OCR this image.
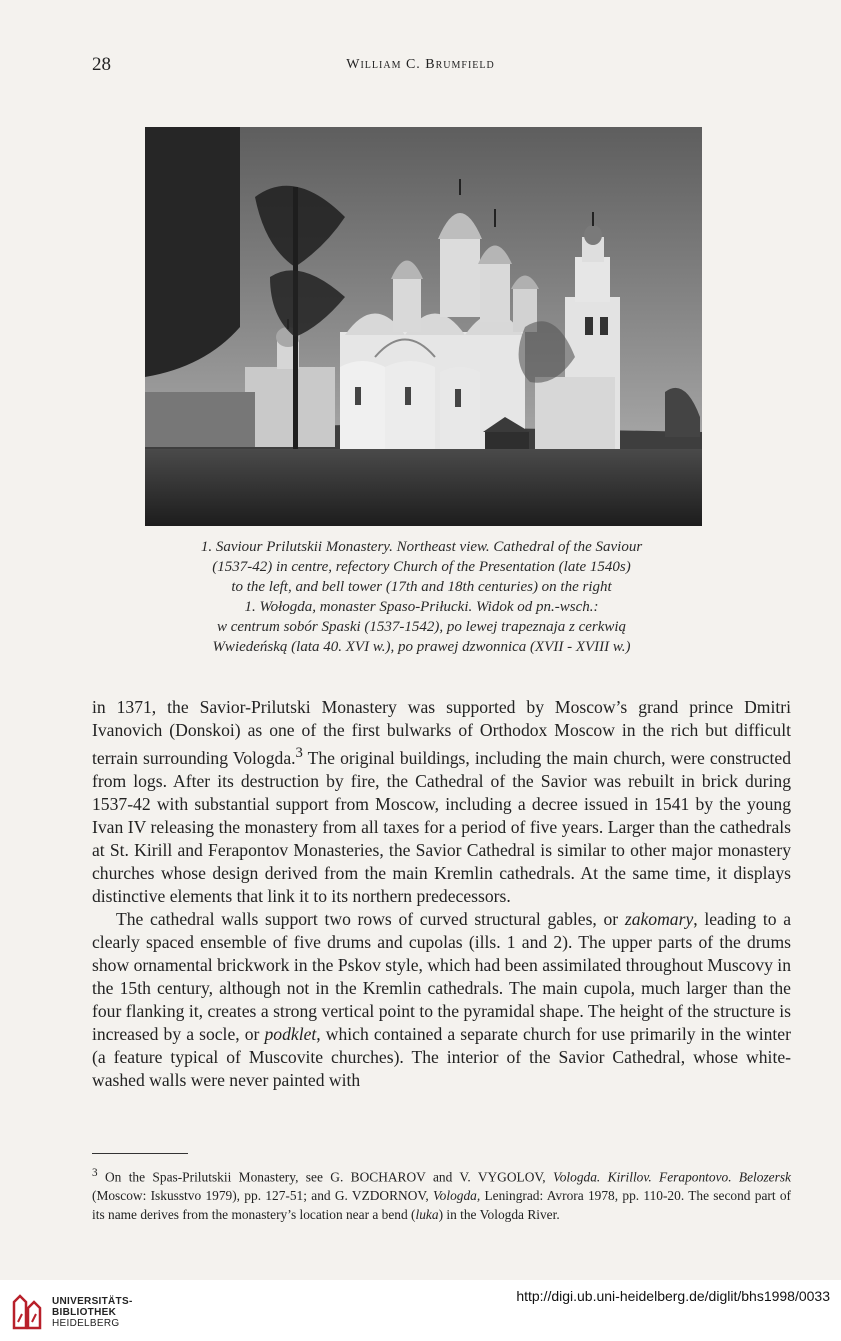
28	William C. Brumfield
1. Saviour Prilutskii Monastery. Northeast view. Cathedral of the Saviour
(1537-42) in centre, refectory Church of the Presentation (late 1540s)
to the left, and bell tower (17th and 18th centuries) on the right
1. Wołogda, monaster Spaso-Priłucki. Widok od pn.-wsch.:
w centrum sobór Spaski (1537-1542), po lewej trapeznaja z cerkwią
Wwiedeńską (lata 40. XVI w.), po prawej dzwonnica (XVII - XVIII w.)

in 1371, the Savior-Prilutski Monastery was supported by Moscow’s grand prince Dmitri Ivanovich (Donskoi) as one of the first bulwarks of Orthodox Moscow in the rich but difficult terrain surrounding Vologda.$^3$ The original buildings, including the main church, were constructed from logs. After its destruction by fire, the Cathedral of the Savior was rebuilt in brick during 1537-42 with substantial support from Moscow, including a decree issued in 1541 by the young Ivan IV releasing the monastery from all taxes for a period of five years. Larger than the cathedrals at St. Kirill and Ferapontov Monasteries, the Savior Cathedral is similar to other major monastery churches whose design derived from the main Kremlin cathedrals. At the same time, it displays distinctive elements that link it to its northern predecessors.

The cathedral walls support two rows of curved structural gables, or zakomary, leading to a clearly spaced ensemble of five drums and cupolas (ills. 1 and 2). The upper parts of the drums show ornamental brickwork in the Pskov style, which had been assimilated throughout Muscovy in the 15th century, although not in the Kremlin cathedrals. The main cupola, much larger than the four flanking it, creates a strong vertical point to the pyramidal shape. The height of the structure is increased by a socle, or podklet, which contained a separate church for use primarily in the winter (a feature typical of Muscovite churches). The interior of the Savior Cathedral, whose white-washed walls were never painted with

$^3$ On the Spas-Prilutskii Monastery, see G. BOCHAROV and V. VYGOLOV, Vologda. Kirillov. Ferapontovo. Belozersk (Moscow: Iskusstvo 1979), pp. 127-51; and G. VZDORNOV, Vologda, Leningrad: Avrora 1978, pp. 110-20. The second part of its name derives from the monastery’s location near a bend (luka) in the Vologda River.
UNIVERSITÄTS-
BIBLIOTHEK
HEIDELBERG
http://digi.ub.uni-heidelberg.de/diglit/bhs1998/0033
